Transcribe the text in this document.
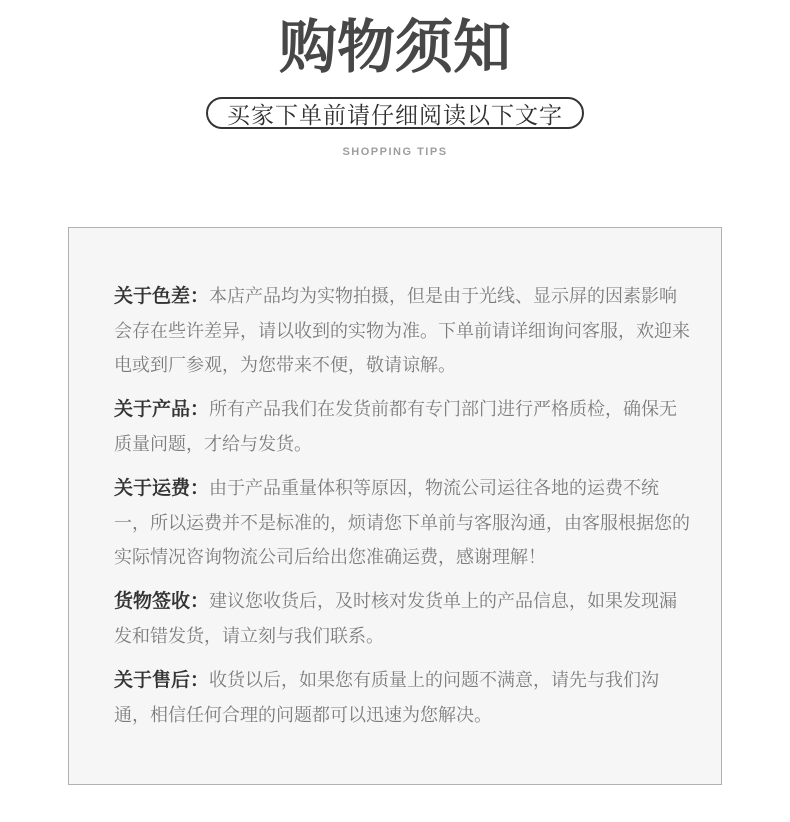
购物须知
买家下单前请仔细阅读以下文字
SHOPPING TIPS

关于色差：本店产品均为实物拍摄，但是由于光线、显示屏的因素影响会存在些许差异，请以收到的实物为准。下单前请详细询问客服，欢迎来电或到厂参观，为您带来不便，敬请谅解。

关于产品：所有产品我们在发货前都有专门部门进行严格质检，确保无质量问题，才给与发货。

关于运费：由于产品重量体积等原因，物流公司运往各地的运费不统一，所以运费并不是标准的，烦请您下单前与客服沟通，由客服根据您的实际情况咨询物流公司后给出您准确运费，感谢理解！

货物签收：建议您收货后，及时核对发货单上的产品信息，如果发现漏发和错发货，请立刻与我们联系。

关于售后：收货以后，如果您有质量上的问题不满意，请先与我们沟通，相信任何合理的问题都可以迅速为您解决。
